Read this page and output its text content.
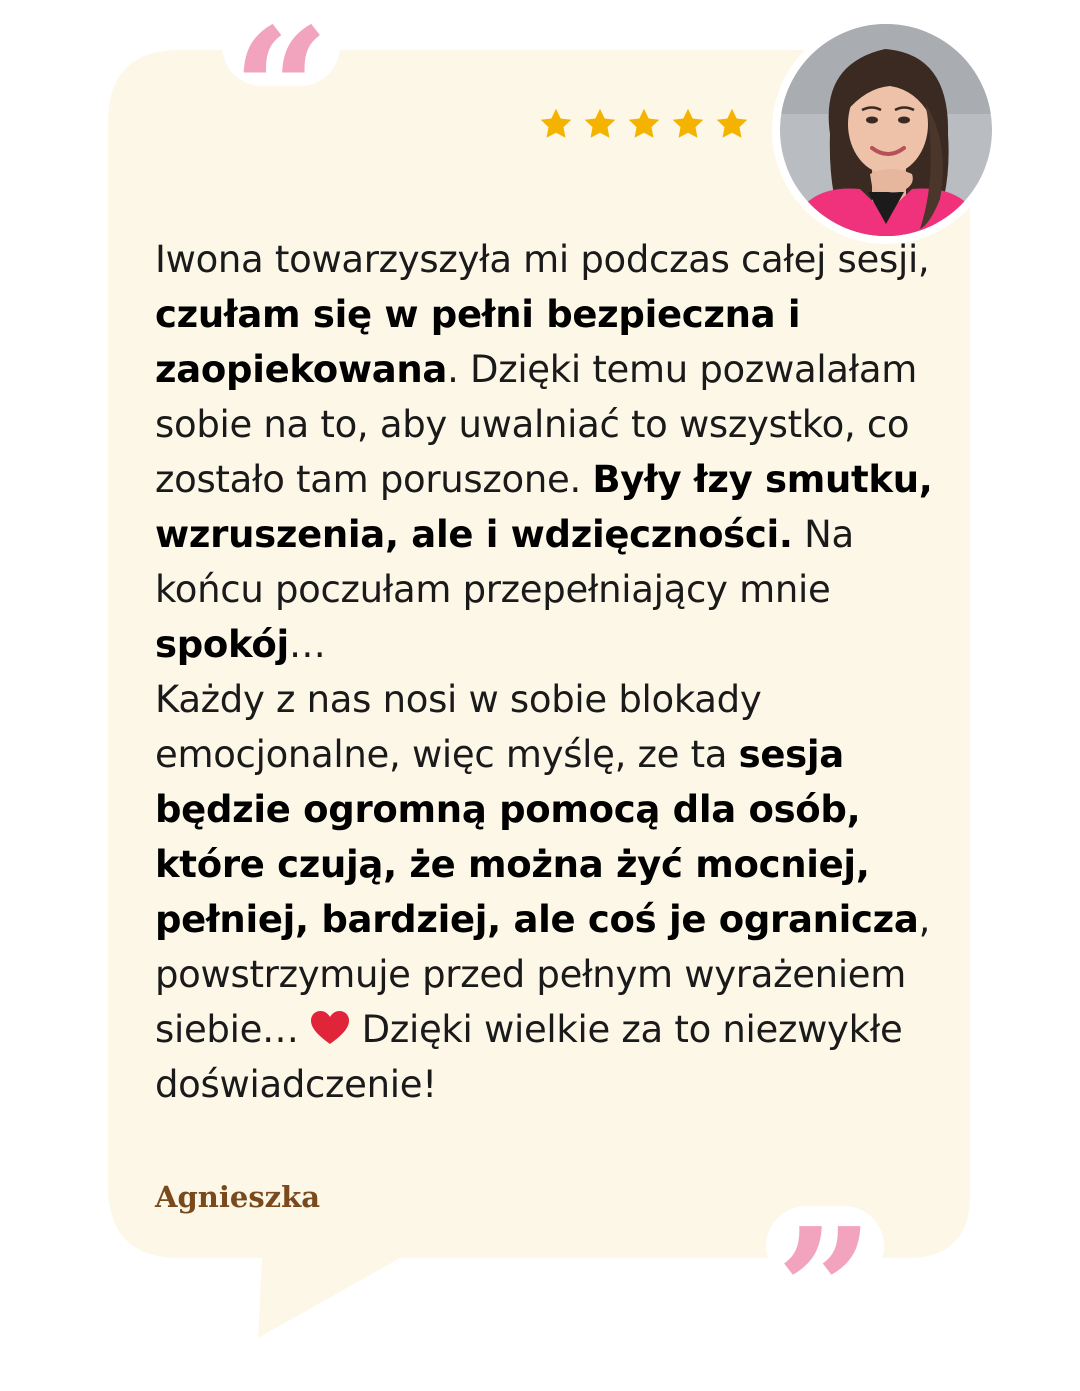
”

Iwona towarzyszyła mi podczas całej sesji, czułam się w pełni bezpieczna i zaopiekowana. Dzięki temu pozwalałam sobie na to, aby uwalniać to wszystko, co zostało tam poruszone. Były łzy smutku, wzruszenia, ale i wdzięczności. Na końcu poczułam przepełniający mnie spokój…

Każdy z nas nosi w sobie blokady emocjonalne, więc myślę, ze ta sesja będzie ogromną pomocą dla osób, które czują, że można żyć mocniej, pełniej, bardziej, ale coś je ogranicza, powstrzymuje przed pełnym wyrażeniem siebie…  Dzięki wielkie za to niezwykłe doświadczenie!

Agnieszka
